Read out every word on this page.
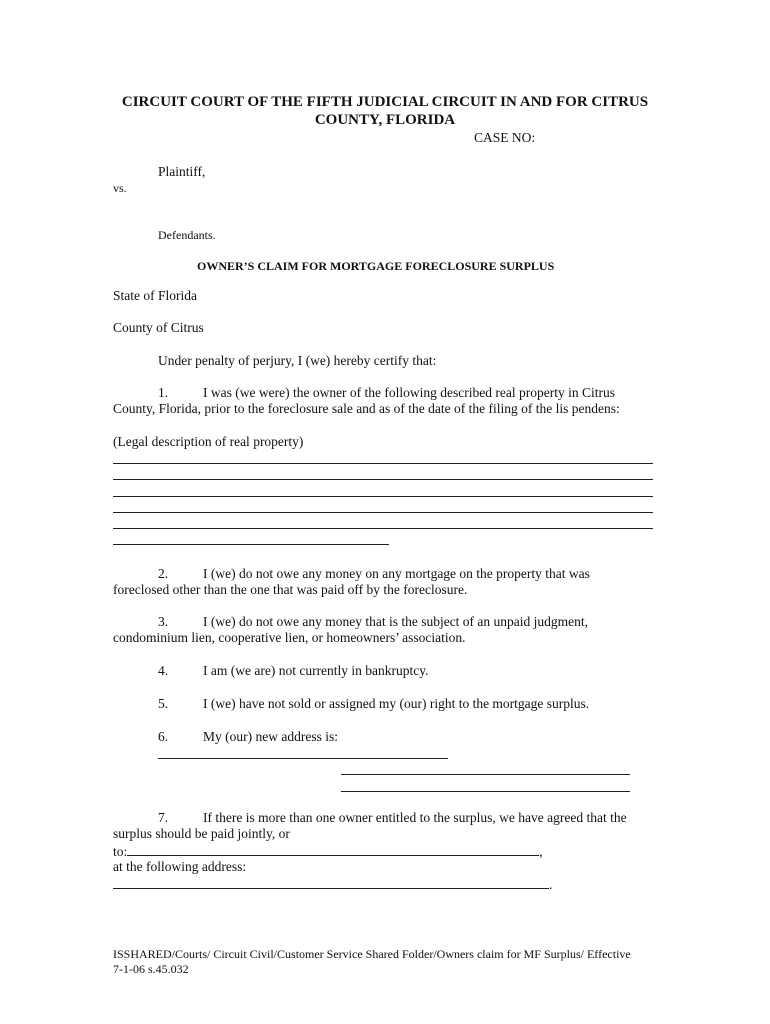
CIRCUIT COURT OF THE FIFTH JUDICIAL CIRCUIT IN AND FOR CITRUS
COUNTY, FLORIDA
CASE NO:
Plaintiff,
vs.
Defendants.
OWNER’S CLAIM FOR MORTGAGE FORECLOSURE SURPLUS
State of Florida
County of Citrus
Under penalty of perjury, I (we) hereby certify that:
1.	I was (we were) the owner of the following described real property in Citrus
County, Florida, prior to the foreclosure sale and as of the date of the filing of the lis pendens:
(Legal description of real property)
2.	I (we) do not owe any money on any mortgage on the property that was
foreclosed other than the one that was paid off by the foreclosure.
3.	I (we) do not owe any money that is the subject of an unpaid judgment,
condominium lien, cooperative lien, or homeowners’ association.
4.	I am (we are) not currently in bankruptcy.
5.	I (we) have not sold or assigned my (our) right to the mortgage surplus.
6.	My (our) new address is:
7.	If there is more than one owner entitled to the surplus, we have agreed that the
surplus should be paid jointly, or
to:	,
at the following address:
.
ISSHARED/Courts/ Circuit Civil/Customer Service Shared Folder/Owners claim for MF Surplus/ Effective
7-1-06 s.45.032
